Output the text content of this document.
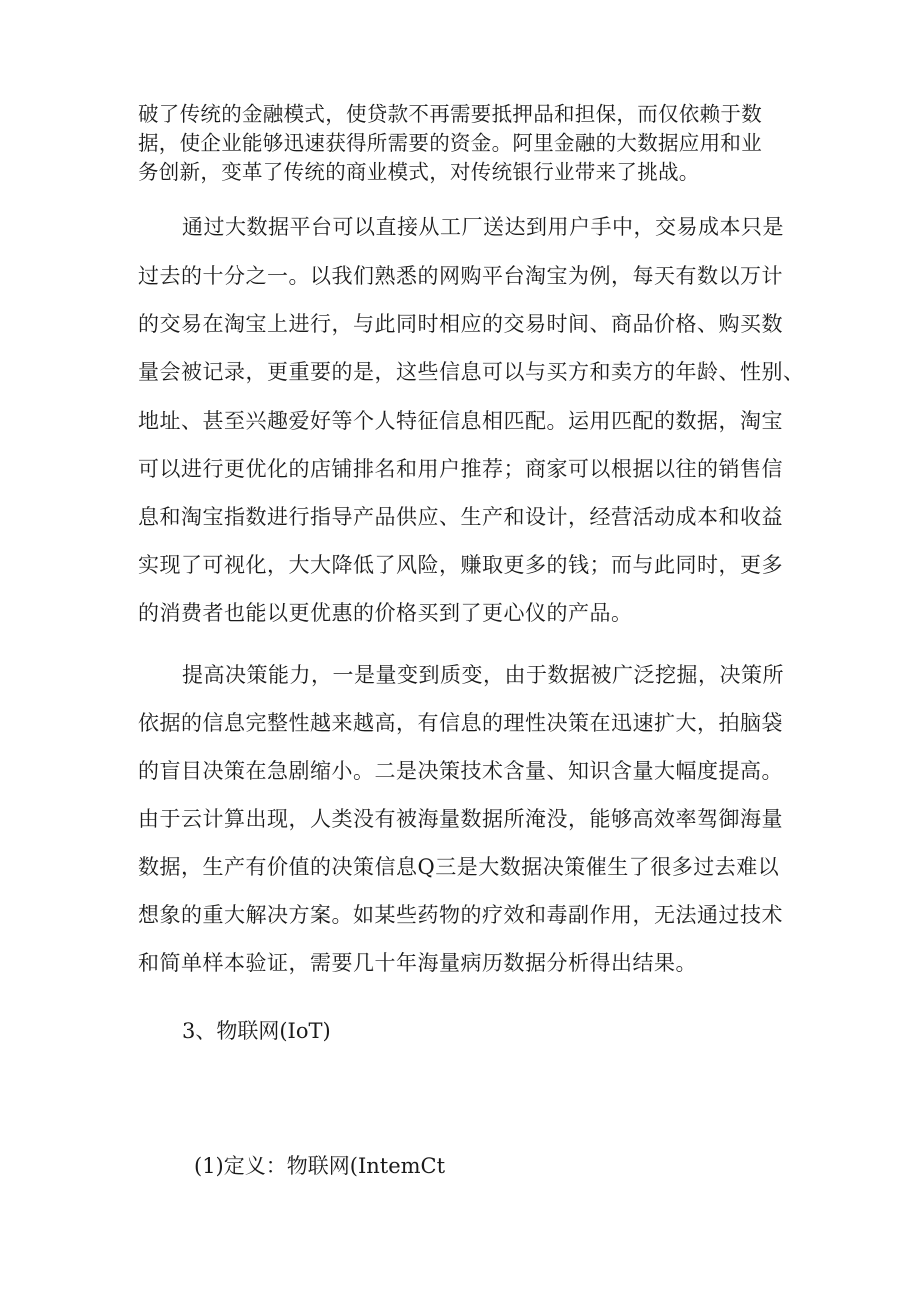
破了传统的金融模式，使贷款不再需要抵押品和担保，而仅依赖于数
据，使企业能够迅速获得所需要的资金。阿里金融的大数据应用和业
务创新，变革了传统的商业模式，对传统银行业带来了挑战。
通过大数据平台可以直接从工厂送达到用户手中，交易成本只是
过去的十分之一。以我们熟悉的网购平台淘宝为例，每天有数以万计
的交易在淘宝上进行，与此同时相应的交易时间、商品价格、购买数
量会被记录，更重要的是，这些信息可以与买方和卖方的年龄、性别、
地址、甚至兴趣爱好等个人特征信息相匹配。运用匹配的数据，淘宝
可以进行更优化的店铺排名和用户推荐；商家可以根据以往的销售信
息和淘宝指数进行指导产品供应、生产和设计，经营活动成本和收益
实现了可视化，大大降低了风险，赚取更多的钱；而与此同时，更多
的消费者也能以更优惠的价格买到了更心仪的产品。
提高决策能力，一是量变到质变，由于数据被广泛挖掘，决策所
依据的信息完整性越来越高，有信息的理性决策在迅速扩大，拍脑袋
的盲目决策在急剧缩小。二是决策技术含量、知识含量大幅度提高。
由于云计算出现，人类没有被海量数据所淹没，能够高效率驾御海量
数据，生产有价值的决策信息Q三是大数据决策催生了很多过去难以
想象的重大解决方案。如某些药物的疗效和毒副作用，无法通过技术
和简单样本验证，需要几十年海量病历数据分析得出结果。
3、物联网(IoT)
(1)定义：物联网(IntemCt
